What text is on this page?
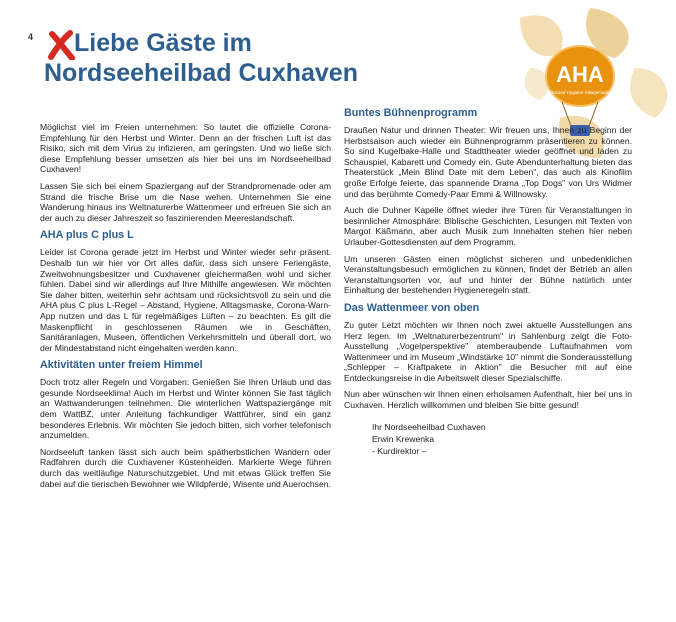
4	Liebe Gäste im
Nordseeheilbad Cuxhaven	AHA
Abstand·Hygiene·Alltagsmaske

Möglichst viel im Freien unternehmen: So lautet die offizielle Corona-Empfehlung für den Herbst und Winter. Denn an der frischen Luft ist das Risiko, sich mit dem Virus zu infizieren, am geringsten. Und wo ließe sich diese Empfehlung besser umsetzen als hier bei uns im Nordseeheilbad Cuxhaven!

Lassen Sie sich bei einem Spaziergang auf der Strandpromenade oder am Strand die frische Brise um die Nase wehen. Unternehmen Sie eine Wanderung hinaus ins Weltnaturerbe Wattenmeer und erfreuen Sie sich an der auch zu dieser Jahreszeit so faszinierenden Meereslandschaft.

AHA plus C plus L

Leider ist Corona gerade jetzt im Herbst und Winter wieder sehr präsent. Deshalb tun wir hier vor Ort alles dafür, dass sich unsere Feriengäste, Zweitwohnungsbesitzer und Cuxhavener gleichermaßen wohl und sicher fühlen. Dabei sind wir allerdings auf Ihre Mithilfe angewiesen. Wir möchten Sie daher bitten, weiterhin sehr achtsam und rücksichtsvoll zu sein und die AHA plus C plus L-Regel – Abstand, Hygiene, Alltagsmaske, Corona-Warn-App nutzen und das L für regelmäßiges Lüften – zu beachten. Es gilt die Maskenpflicht in geschlossenen Räumen wie in Geschäften, Sanitäranlagen, Museen, öffentlichen Verkehrsmitteln und überall dort, wo der Mindestabstand nicht eingehalten werden kann.

Aktivitäten unter freiem Himmel

Doch trotz aller Regeln und Vorgaben: Genießen Sie Ihren Urlaub und das gesunde Nordseeklima! Auch im Herbst und Winter können Sie fast täglich an Wattwanderungen teilnehmen. Die winterlichen Wattspaziergänge mit dem WattBZ, unter Anleitung fachkundiger Wattführer, sind ein ganz besonderes Erlebnis. Wir möchten Sie jedoch bitten, sich vorher telefonisch anzumelden.

Nordseeluft tanken lässt sich auch beim spätherbstlichen Wandern oder Radfahren durch die Cuxhavener Küstenheiden. Markierte Wege führen durch das weitläufige Naturschutzgebiet. Und mit etwas Glück treffen Sie dabei auf die tierischen Bewohner wie Wildpferde, Wisente und Auerochsen.

Buntes Bühnenprogramm

Draußen Natur und drinnen Theater: Wir freuen uns, Ihnen zu Beginn der Herbstsaison auch wieder ein Bühnenprogramm präsentieren zu können. So sind Kugelbake-Halle und Stadttheater wieder geöffnet und laden zu Schauspiel, Kabarett und Comedy ein. Gute Abendunterhaltung bieten das Theaterstück „Mein Blind Date mit dem Leben", das auch als Kinofilm große Erfolge feierte, das spannende Drama „Top Dogs" von Urs Widmer und das berühmte Comedy-Paar Emmi & Willnowsky.

Auch die Duhner Kapelle öffnet wieder ihre Türen für Veranstaltungen in besinnlicher Atmosphäre: Biblische Geschichten, Lesungen mit Texten von Margot Käßmann, aber auch Musik zum Innehalten stehen hier neben Urlauber-Gottesdiensten auf dem Programm.

Um unseren Gästen einen möglichst sicheren und unbedenklichen Veranstaltungsbesuch ermöglichen zu können, findet der Betrieb an allen Veranstaltungsorten vor, auf und hinter der Bühne natürlich unter Einhaltung der bestehenden Hygieneregeln statt.

Das Wattenmeer von oben

Zu guter Letzt möchten wir Ihnen noch zwei aktuelle Ausstellungen ans Herz legen. Im „Weltnaturerbezentrum" in Sahlenburg zeigt die Foto-Ausstellung „Vogelperspektive" atemberaubende Luftaufnahmen vom Wattenmeer und im Museum „Windstärke 10" nimmt die Sonderausstellung „Schlepper – Kraftpakete in Aktion" die Besucher mit auf eine Entdeckungsreise in die Arbeitswelt dieser Spezialschiffe.

Nun aber wünschen wir Ihnen einen erholsamen Aufenthalt, hier bei uns in Cuxhaven. Herzlich willkommen und bleiben Sie bitte gesund!

Ihr Nordseeheilbad Cuxhaven
Erwin Krewenka
- Kurdirektor –
